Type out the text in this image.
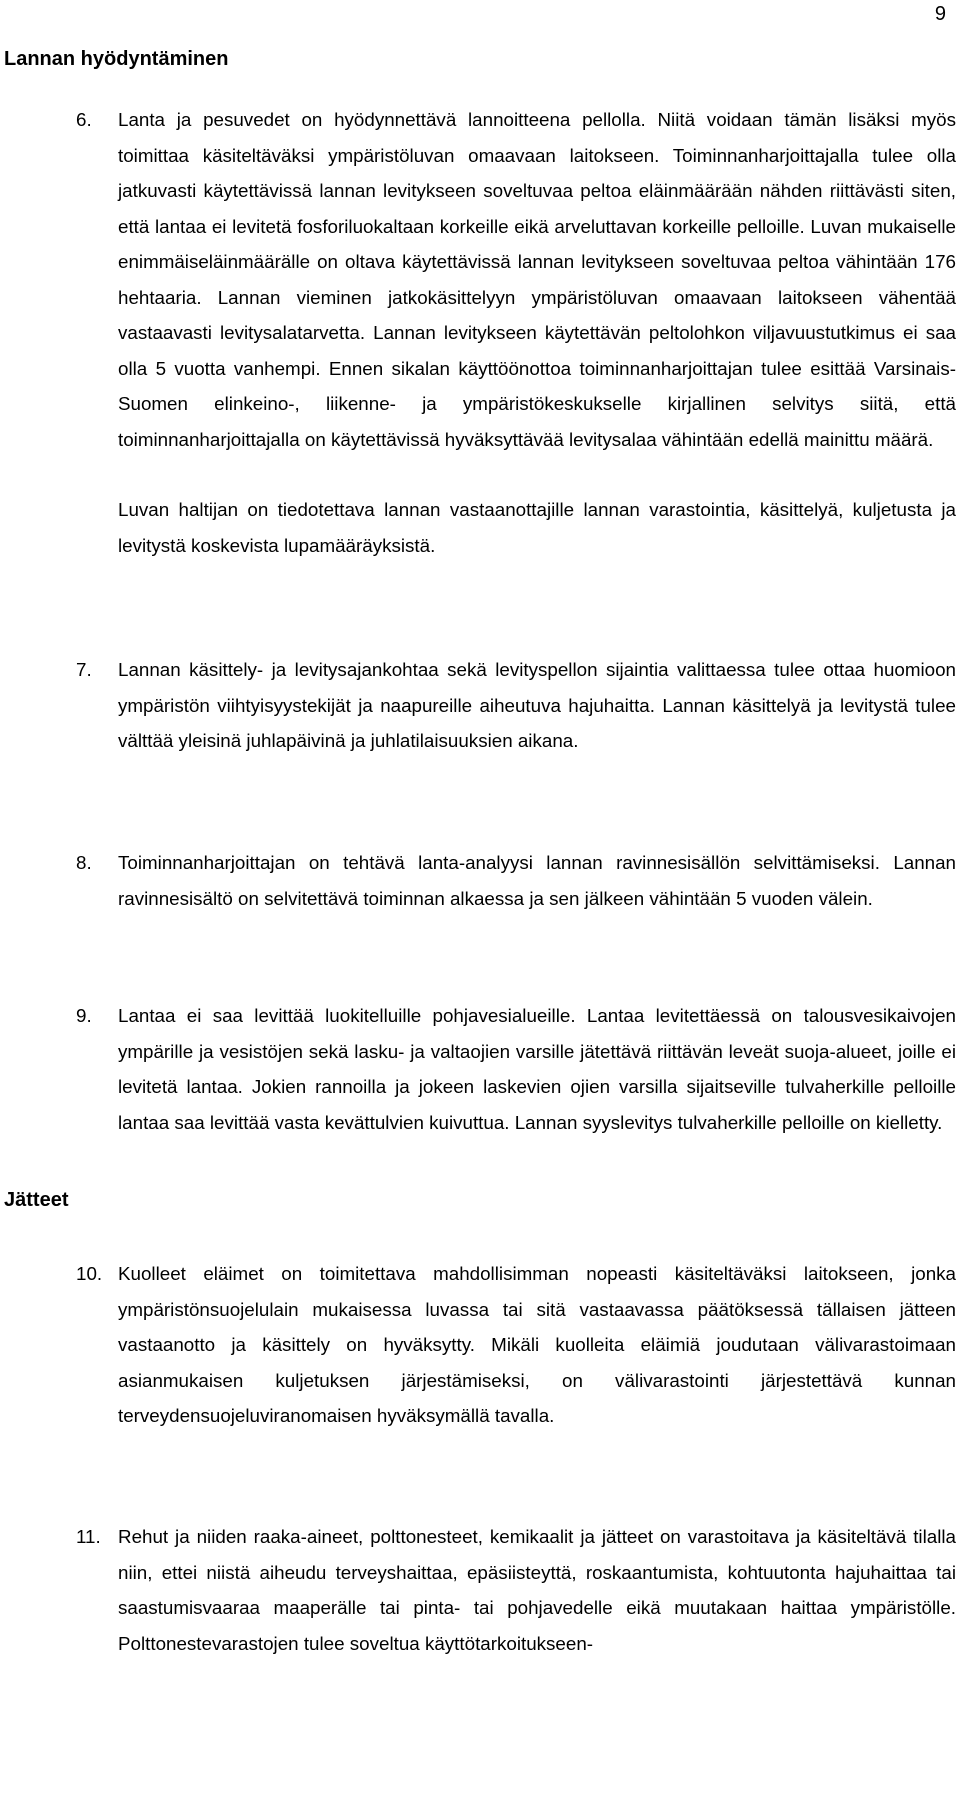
9
Lannan hyödyntäminen
6.	Lanta ja pesuvedet on hyödynnettävä lannoitteena pellolla. Niitä voidaan tämän lisäksi myös toimittaa käsiteltäväksi ympäristöluvan omaavaan laitokseen. Toiminnanharjoittajalla tulee olla jatkuvasti käytettävissä lannan levitykseen soveltuvaa peltoa eläinmäärään nähden riittävästi siten, että lantaa ei levitetä fosforiluokaltaan korkeille eikä arveluttavan korkeille pelloille. Luvan mukaiselle enimmäiseläinmäärälle on oltava käytettävissä lannan levitykseen soveltuvaa peltoa vähintään 176 hehtaaria. Lannan vieminen jatkokäsittelyyn ympäristöluvan omaavaan laitokseen vähentää vastaavasti levitysalatarvetta. Lannan levitykseen käytettävän peltolohkon viljavuustutkimus ei saa olla 5 vuotta vanhempi. Ennen sikalan käyttöönottoa toiminnanharjoittajan tulee esittää Varsinais-Suomen elinkeino-, liikenne- ja ympäristökeskukselle kirjallinen selvitys siitä, että toiminnanharjoittajalla on käytettävissä hyväksyttävää levitysalaa vähintään edellä mainittu määrä.

Luvan haltijan on tiedotettava lannan vastaanottajille lannan varastointia, käsittelyä, kuljetusta ja levitystä koskevista lupamääräyksistä.

7.	Lannan käsittely- ja levitysajankohtaa sekä levityspellon sijaintia valittaessa tulee ottaa huomioon ympäristön viihtyisyystekijät ja naapureille aiheutuva hajuhaitta. Lannan käsittelyä ja levitystä tulee välttää yleisinä juhlapäivinä ja juhlatilaisuuksien aikana.

8.	Toiminnanharjoittajan on tehtävä lanta-analyysi lannan ravinnesisällön selvittämiseksi. Lannan ravinnesisältö on selvitettävä toiminnan alkaessa ja sen jälkeen vähintään 5 vuoden välein.

9.	Lantaa ei saa levittää luokitelluille pohjavesialueille. Lantaa levitettäessä on talousvesikaivojen ympärille ja vesistöjen sekä lasku- ja valtaojien varsille jätettävä riittävän leveät suoja-alueet, joille ei levitetä lantaa. Jokien rannoilla ja jokeen laskevien ojien varsilla sijaitseville tulvaherkille pelloille lantaa saa levittää vasta kevättulvien kuivuttua. Lannan syyslevitys tulvaherkille pelloille on kielletty.

Jätteet
10. Kuolleet eläimet on toimitettava mahdollisimman nopeasti käsiteltäväksi laitokseen, jonka ympäristönsuojelulain mukaisessa luvassa tai sitä vastaavassa päätöksessä tällaisen jätteen vastaanotto ja käsittely on hyväksytty. Mikäli kuolleita eläimiä joudutaan välivarastoimaan asianmukaisen kuljetuksen järjestämiseksi, on välivarastointi järjestettävä kunnan terveydensuojeluviranomaisen hyväksymällä tavalla.

11. Rehut ja niiden raaka-aineet, polttonesteet, kemikaalit ja jätteet on varastoitava ja käsiteltävä tilalla niin, ettei niistä aiheudu terveyshaittaa, epäsiisteyttä, roskaantumista, kohtuutonta hajuhaittaa tai saastumisvaaraa maaperälle tai pinta- tai pohjavedelle eikä muutakaan haittaa ympäristölle. Polttonestevarastojen tulee soveltua käyttötarkoitukseen-
